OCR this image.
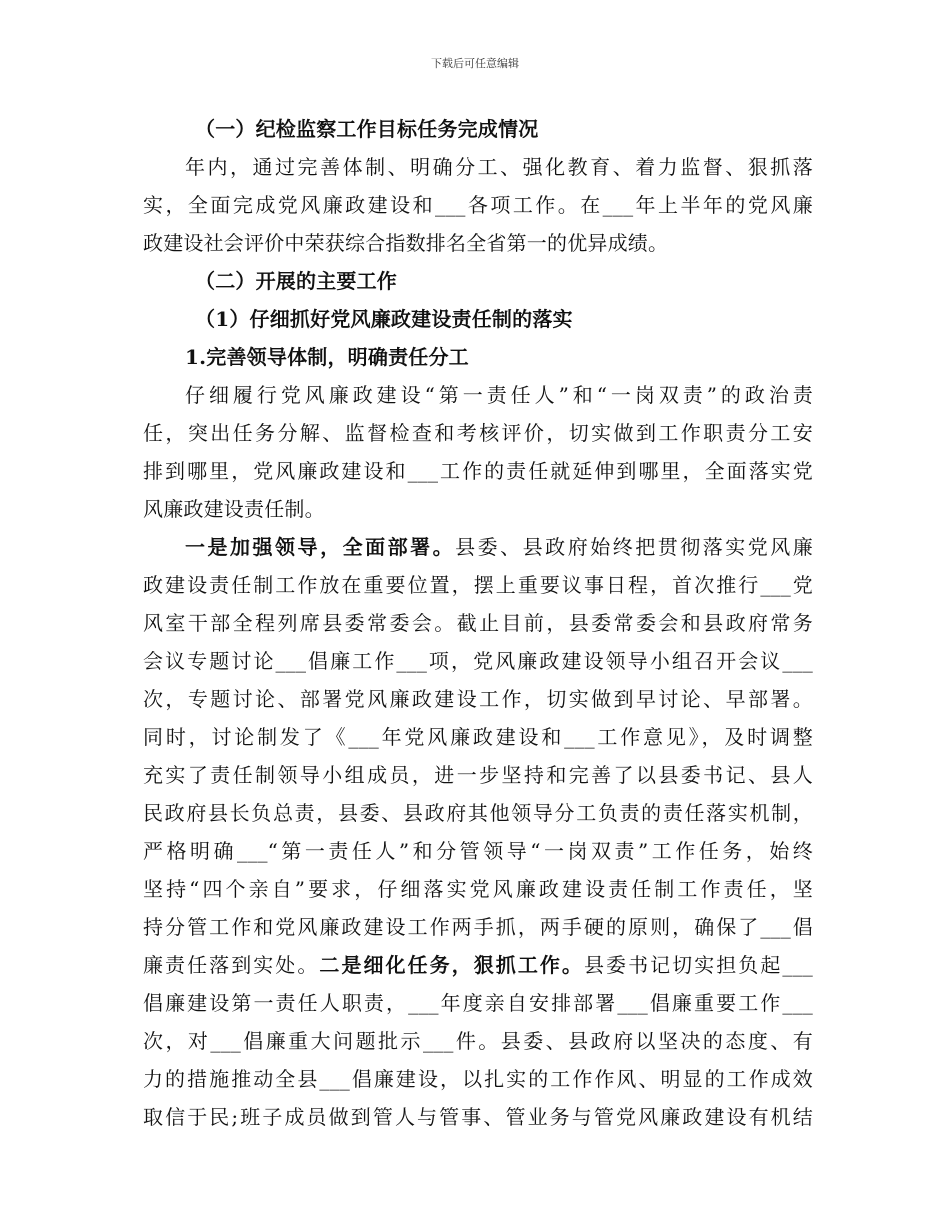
下载后可任意编辑
（一）纪检监察工作目标任务完成情况
年内，通过完善体制、明确分工、强化教育、着力监督、狠抓落
实，全面完成党风廉政建设和___各项工作。在___年上半年的党风廉
政建设社会评价中荣获综合指数排名全省第一的优异成绩。
（二）开展的主要工作
（1）仔细抓好党风廉政建设责任制的落实
1.完善领导体制，明确责任分工
仔细履行党风廉政建设“第一责任人”和“一岗双责”的政治责
任，突出任务分解、监督检查和考核评价，切实做到工作职责分工安
排到哪里，党风廉政建设和___工作的责任就延伸到哪里，全面落实党
风廉政建设责任制。
一是加强领导，全面部署。县委、县政府始终把贯彻落实党风廉
政建设责任制工作放在重要位置，摆上重要议事日程，首次推行___党
风室干部全程列席县委常委会。截止目前，县委常委会和县政府常务
会议专题讨论___倡廉工作___项，党风廉政建设领导小组召开会议___
次，专题讨论、部署党风廉政建设工作，切实做到早讨论、早部署。
同时，讨论制发了《___年党风廉政建设和___工作意见》，及时调整
充实了责任制领导小组成员，进一步坚持和完善了以县委书记、县人
民政府县长负总责，县委、县政府其他领导分工负责的责任落实机制，
严格明确___“第一责任人”和分管领导“一岗双责”工作任务，始终
坚持“四个亲自”要求，仔细落实党风廉政建设责任制工作责任，坚
持分管工作和党风廉政建设工作两手抓，两手硬的原则，确保了___倡
廉责任落到实处。二是细化任务，狠抓工作。县委书记切实担负起___
倡廉建设第一责任人职责，___年度亲自安排部署___倡廉重要工作___
次，对___倡廉重大问题批示___件。县委、县政府以坚决的态度、有
力的措施推动全县___倡廉建设，以扎实的工作作风、明显的工作成效
取信于民;班子成员做到管人与管事、管业务与管党风廉政建设有机结
